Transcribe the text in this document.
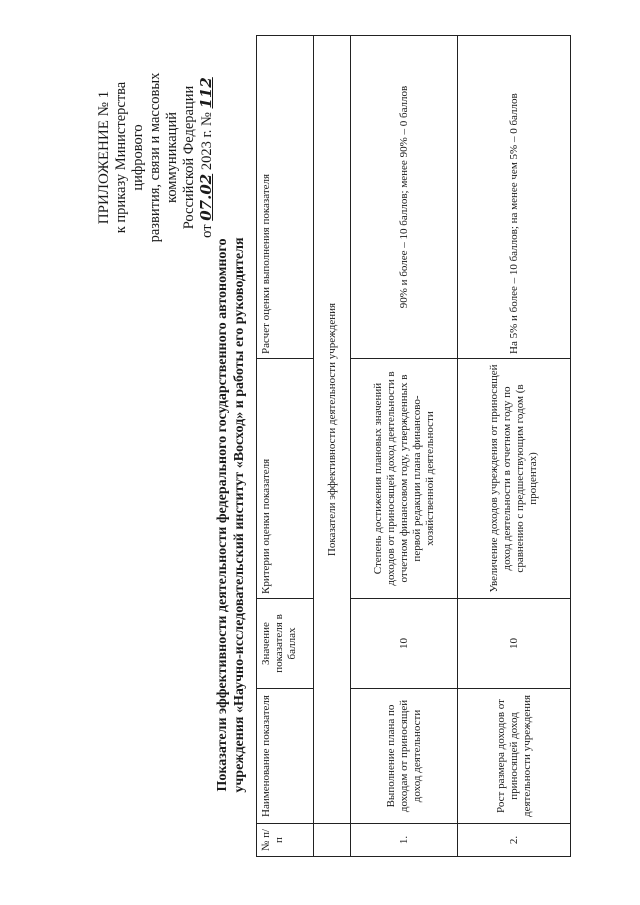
ПРИЛОЖЕНИЕ № 1 к приказу Министерства цифрового развития, связи и массовых коммуникаций Российской Федерации
от 07.02 2023 г. № 112
Показатели эффективности деятельности федерального государственного автономного учреждения «Научно-исследовательский институт «Восход» и работы его руководителя
№ п/п	Наименование показателя	Значение показателя в баллах	Критерии оценки показателя	Расчет оценки выполнения показателя
	Показатели эффективности деятельности учреждения			
1.	Выполнение плана по доходам от приносящей доход деятельности	10	Степень достижения плановых значений доходов от приносящей доход деятельности в отчетном финансовом году, утвержденных в первой редакции плана финансово-хозяйственной деятельности	90% и более – 10 баллов; менее 90% – 0 баллов
2.	Рост размера доходов от приносящей доход деятельности учреждения	10	Увеличение доходов учреждения от приносящей доход деятельности в отчетном году по сравнению с предшествующим годом (в процентах)	На 5% и более – 10 баллов; на менее чем 5% – 0 баллов
